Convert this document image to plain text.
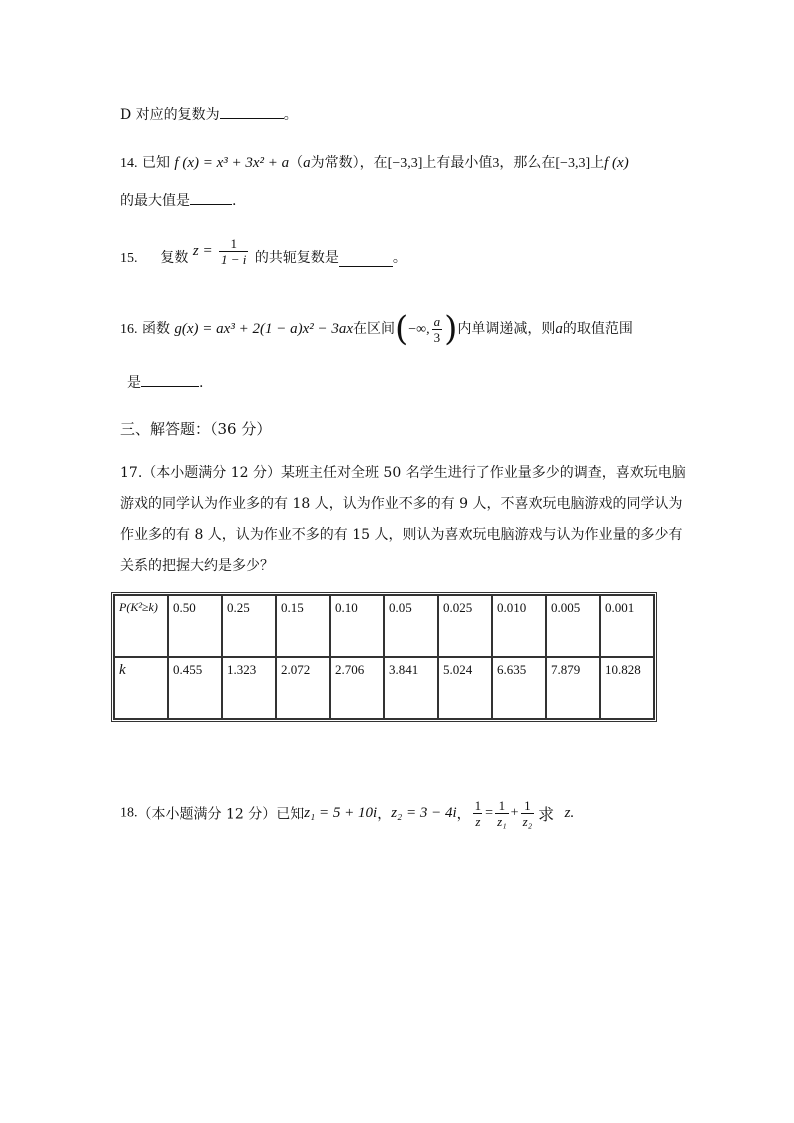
D 对应的复数为	。
14. 已知 f (x) = x³ + 3x² + a（a为常数），在[−3,3]上有最小值3，那么在[−3,3]上f (x)
的最大值是	.
15. 复数 $z = \frac{1}{1 - i}$ 的共轭复数是	。
16. 函数 g(x) = ax³ + 2(1 − a)x² − 3ax在区间(−∞, $\frac{a}{3}$ )内单调递减，则a的取值范围
是	.
三、解答题：（36 分）
17.（本小题满分 12 分）某班主任对全班 50 名学生进行了作业量多少的调查，喜欢玩电脑
游戏的同学认为作业多的有 18 人，认为作业不多的有 9 人，不喜欢玩电脑游戏的同学认为
作业多的有 8 人，认为作业不多的有 15 人，则认为喜欢玩电脑游戏与认为作业量的多少有
关系的把握大约是多少？
P(K²≥k)	0.50	0.25	0.15	0.10	0.05	0.025	0.010	0.005	0.001
k	0.455	1.323	2.072	2.706	3.841	5.024	6.635	7.879	10.828
18.（本小题满分 12 分）已知z₁ = 5 + 10i，z₂ = 3 − 4i， $\frac{1}{z} = \frac{1}{\text{z₁}} + \frac{1}{\text{z₂}}$ 求 z.
